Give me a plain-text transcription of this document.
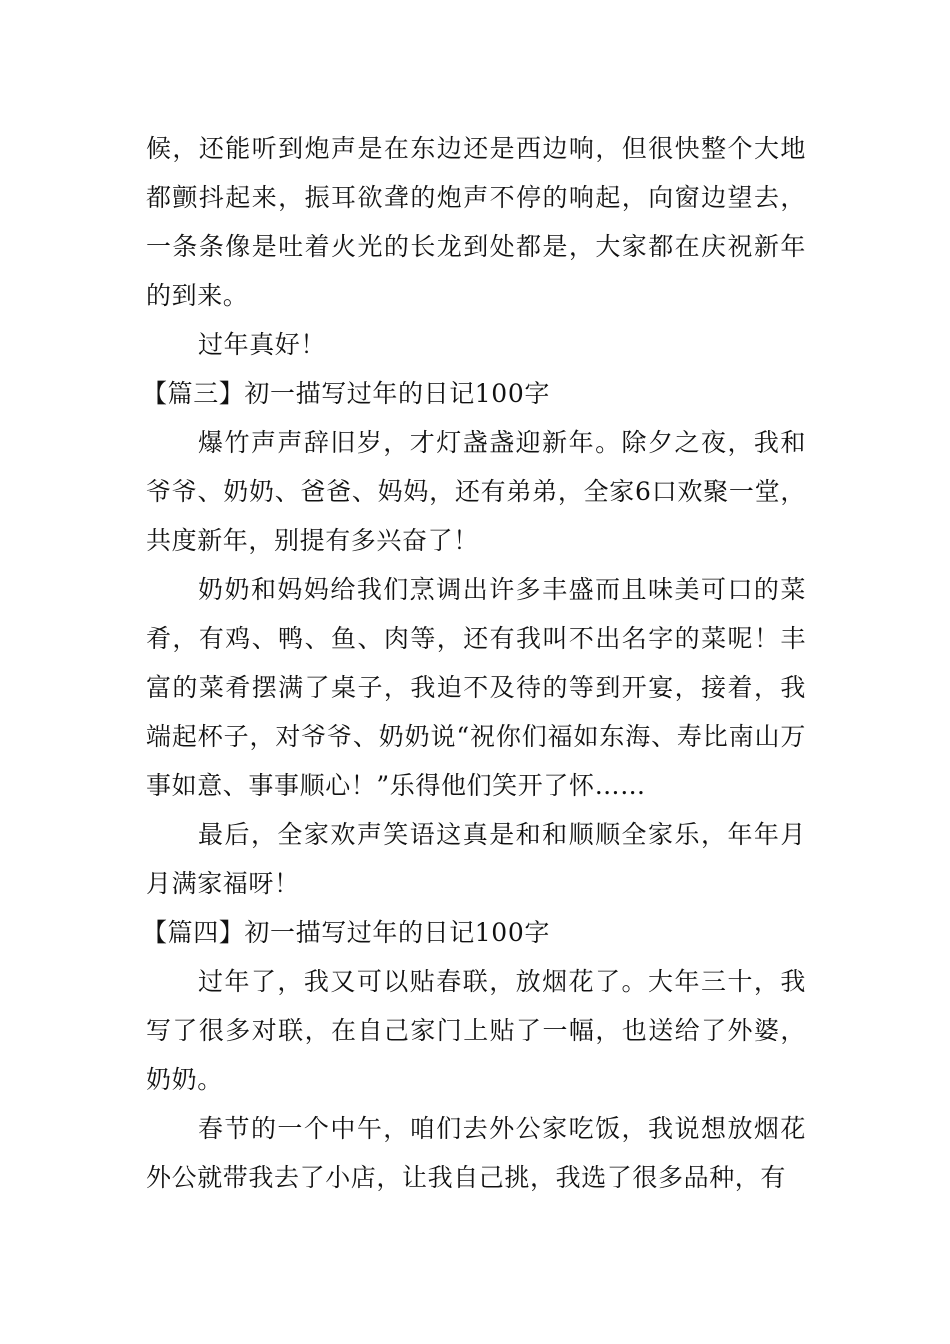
候，还能听到炮声是在东边还是西边响，但很快整个大地都颤抖起来，振耳欲聋的炮声不停的响起，向窗边望去，一条条像是吐着火光的长龙到处都是，大家都在庆祝新年的到来。

过年真好！

【篇三】初一描写过年的日记100字

爆竹声声辞旧岁，才灯盏盏迎新年。除夕之夜，我和爷爷、奶奶、爸爸、妈妈，还有弟弟，全家6口欢聚一堂，共度新年，别提有多兴奋了！

奶奶和妈妈给我们烹调出许多丰盛而且味美可口的菜肴，有鸡、鸭、鱼、肉等，还有我叫不出名字的菜呢！丰富的菜肴摆满了桌子，我迫不及待的等到开宴，接着，我端起杯子，对爷爷、奶奶说“祝你们福如东海、寿比南山万事如意、事事顺心！”乐得他们笑开了怀……

最后，全家欢声笑语这真是和和顺顺全家乐，年年月月满家福呀！

【篇四】初一描写过年的日记100字

过年了，我又可以贴春联，放烟花了。大年三十，我写了很多对联，在自己家门上贴了一幅，也送给了外婆，奶奶。

春节的一个中午，咱们去外公家吃饭，我说想放烟花外公就带我去了小店，让我自己挑，我选了很多品种，有
